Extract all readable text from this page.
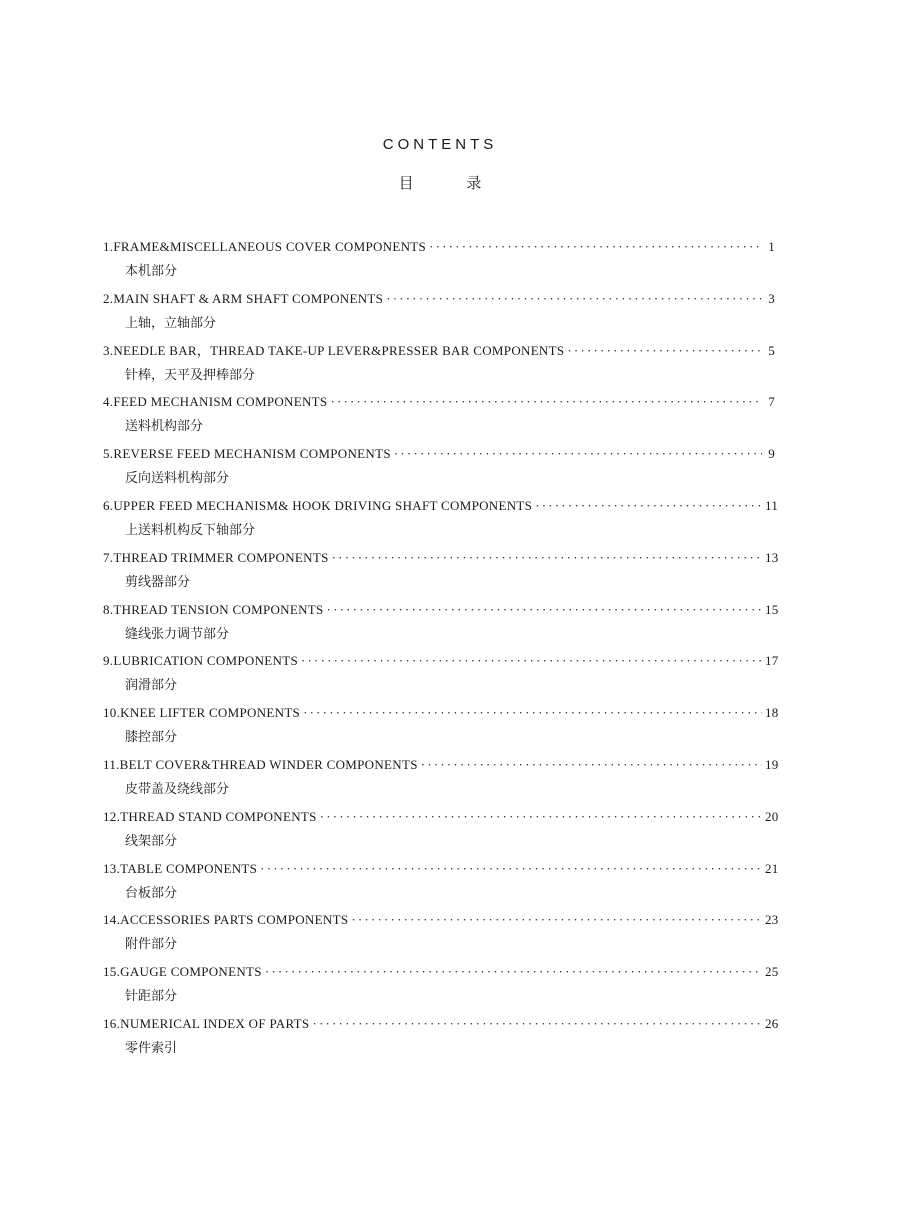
CONTENTS
目 录
1.FRAME&MISCELLANEOUS COVER COMPONENTS ·····	1
本机部分
2.MAIN SHAFT & ARM SHAFT COMPONENTS ·····	3
上轴，立轴部分
3.NEEDLE BAR，THREAD TAKE-UP LEVER&PRESSER BAR COMPONENTS ·····	5
针棒，天平及押棒部分
4.FEED MECHANISM COMPONENTS ·····	7
送料机构部分
5.REVERSE FEED MECHANISM COMPONENTS ·····	9
反向送料机构部分
6.UPPER FEED MECHANISM& HOOK DRIVING SHAFT COMPONENTS ·····	11
上送料机构反下轴部分
7.THREAD TRIMMER COMPONENTS ·····	13
剪线器部分
8.THREAD TENSION COMPONENTS ·····	15
缝线张力调节部分
9.LUBRICATION COMPONENTS ·····	17
润滑部分
10.KNEE LIFTER COMPONENTS ·····	18
膝控部分
11.BELT COVER&THREAD WINDER COMPONENTS ·····	19
皮带盖及绕线部分
12.THREAD STAND COMPONENTS ·····	20
线架部分
13.TABLE COMPONENTS ·····	21
台板部分
14.ACCESSORIES PARTS COMPONENTS ·····	23
附件部分
15.GAUGE COMPONENTS ·····	25
针距部分
16.NUMERICAL INDEX OF PARTS ·····	26
零件索引
